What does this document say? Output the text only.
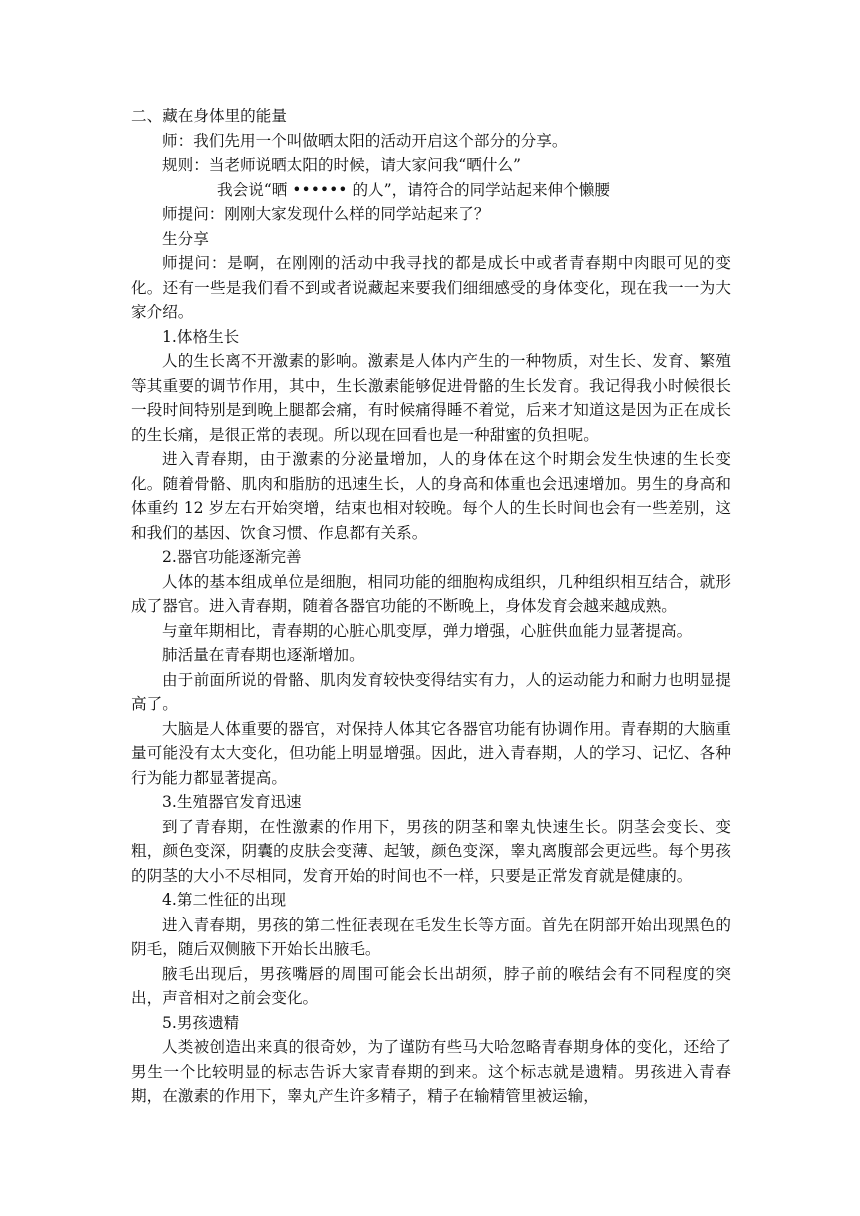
二、藏在身体里的能量
师：我们先用一个叫做晒太阳的活动开启这个部分的分享。
规则：当老师说晒太阳的时候，请大家问我“晒什么”
我会说“晒 •••••• 的人”，请符合的同学站起来伸个懒腰
师提问：刚刚大家发现什么样的同学站起来了？
生分享

师提问：是啊，在刚刚的活动中我寻找的都是成长中或者青春期中肉眼可见的变化。还有一些是我们看不到或者说藏起来要我们细细感受的身体变化，现在我一一为大家介绍。

1.体格生长

人的生长离不开激素的影响。激素是人体内产生的一种物质，对生长、发育、繁殖等其重要的调节作用，其中，生长激素能够促进骨骼的生长发育。我记得我小时候很长一段时间特别是到晚上腿都会痛，有时候痛得睡不着觉，后来才知道这是因为正在成长的生长痛，是很正常的表现。所以现在回看也是一种甜蜜的负担呢。

进入青春期，由于激素的分泌量增加，人的身体在这个时期会发生快速的生长变化。随着骨骼、肌肉和脂肪的迅速生长，人的身高和体重也会迅速增加。男生的身高和体重约 12 岁左右开始突增，结束也相对较晚。每个人的生长时间也会有一些差别，这和我们的基因、饮食习惯、作息都有关系。

2.器官功能逐渐完善

人体的基本组成单位是细胞，相同功能的细胞构成组织，几种组织相互结合，就形成了器官。进入青春期，随着各器官功能的不断晚上，身体发育会越来越成熟。

与童年期相比，青春期的心脏心肌变厚，弹力增强，心脏供血能力显著提高。

肺活量在青春期也逐渐增加。

由于前面所说的骨骼、肌肉发育较快变得结实有力，人的运动能力和耐力也明显提高了。

大脑是人体重要的器官，对保持人体其它各器官功能有协调作用。青春期的大脑重量可能没有太大变化，但功能上明显增强。因此，进入青春期，人的学习、记忆、各种行为能力都显著提高。

3.生殖器官发育迅速

到了青春期，在性激素的作用下，男孩的阴茎和睾丸快速生长。阴茎会变长、变粗，颜色变深，阴囊的皮肤会变薄、起皱，颜色变深，睾丸离腹部会更远些。每个男孩的阴茎的大小不尽相同，发育开始的时间也不一样，只要是正常发育就是健康的。

4.第二性征的出现

进入青春期，男孩的第二性征表现在毛发生长等方面。首先在阴部开始出现黑色的阴毛，随后双侧腋下开始长出腋毛。

腋毛出现后，男孩嘴唇的周围可能会长出胡须，脖子前的喉结会有不同程度的突出，声音相对之前会变化。

5.男孩遗精

人类被创造出来真的很奇妙，为了谨防有些马大哈忽略青春期身体的变化，还给了男生一个比较明显的标志告诉大家青春期的到来。这个标志就是遗精。男孩进入青春期，在激素的作用下，睾丸产生许多精子，精子在输精管里被运输，
